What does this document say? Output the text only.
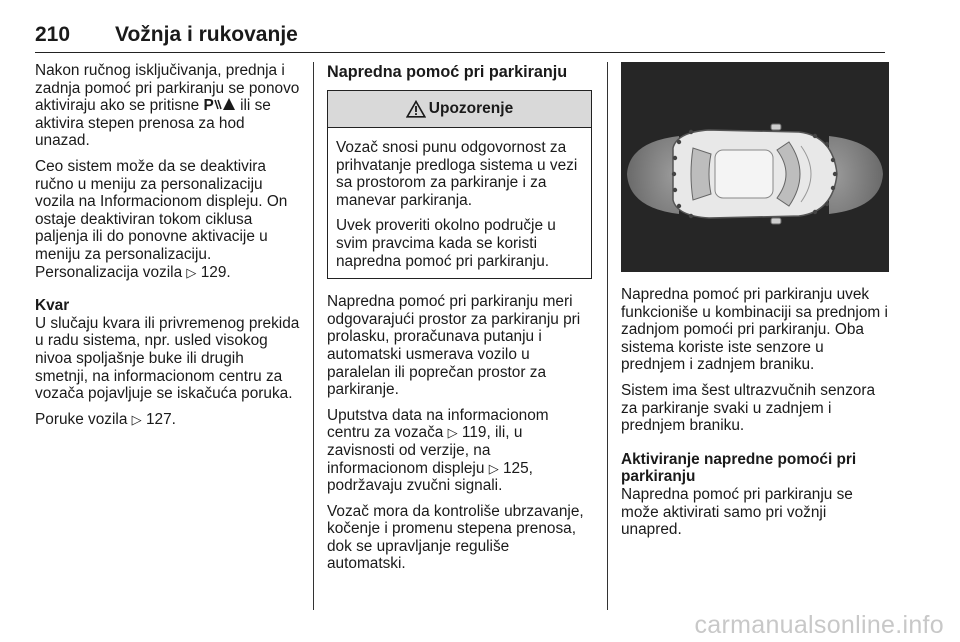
210 Vožnja i rukovanje

Nakon ručnog isključivanja, prednja i zadnja pomoć pri parkiranju se ponovo aktiviraju ako se pritisne P ili se aktivira stepen prenosa za hod unazad.

Ceo sistem može da se deaktivira ručno u meniju za personalizaciju vozila na Informacionom displeju. On ostaje deaktiviran tokom ciklusa paljenja ili do ponovne aktivacije u meniju za personalizaciju. Personalizacija vozila ▷ 129.

Kvar

U slučaju kvara ili privremenog prekida u radu sistema, npr. usled visokog nivoa spoljašnje buke ili drugih smetnji, na informacionom centru za vozača pojavljuje se iskačuća poruka.

Poruke vozila ▷ 127.

Napredna pomoć pri parkiranju
Upozorenje

Vozač snosi punu odgovornost za prihvatanje predloga sistema u vezi sa prostorom za parkiranje i za manevar parkiranja.

Uvek proveriti okolno područje u svim pravcima kada se koristi napredna pomoć pri parkiranju.

Napredna pomoć pri parkiranju meri odgovarajući prostor za parkiranju pri prolasku, proračunava putanju i automatski usmerava vozilo u paralelan ili poprečan prostor za parkiranje.

Uputstva data na informacionom centru za vozača ▷ 119, ili, u zavisnosti od verzije, na informacionom displeju ▷ 125, podržavaju zvučni signali.

Vozač mora da kontroliše ubrzavanje, kočenje i promenu stepena prenosa, dok se upravljanje reguliše automatski.

Napredna pomoć pri parkiranju uvek funkcioniše u kombinaciji sa prednjom i zadnjom pomoći pri parkiranju. Oba sistema koriste iste senzore u prednjem i zadnjem braniku.

Sistem ima šest ultrazvučnih senzora za parkiranje svaki u zadnjem i prednjem braniku.

Aktiviranje napredne pomoći pri parkiranju

Napredna pomoć pri parkiranju se može aktivirati samo pri vožnji unapred.

carmanualsonline.info
